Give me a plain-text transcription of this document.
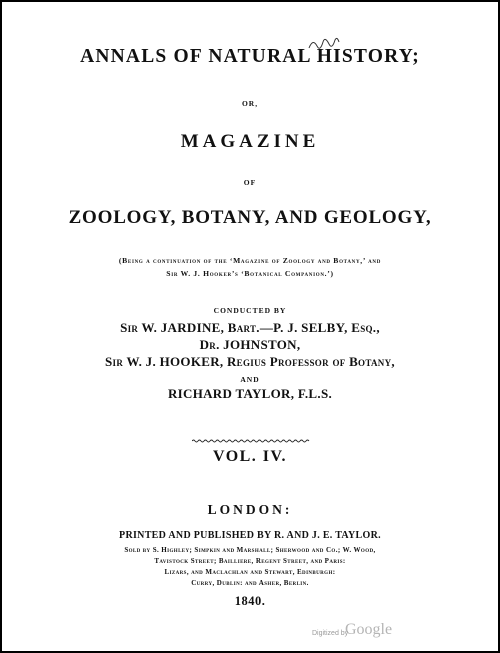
ANNALS OF NATURAL HISTORY;
OR,
MAGAZINE
OF
ZOOLOGY, BOTANY, AND GEOLOGY,
(Being a continuation of the ‘Magazine of Zoology and Botany,’ and
Sir W. J. Hooker’s ‘Botanical Companion.’)
CONDUCTED BY
Sir W. JARDINE, Bart.—P. J. SELBY, Esq.,
Dr. JOHNSTON,
Sir W. J. HOOKER, Regius Professor of Botany,
AND
RICHARD TAYLOR, F.L.S.
VOL. IV.
LONDON:
PRINTED AND PUBLISHED BY R. AND J. E. TAYLOR.
Sold by S. Highley; Simpkin and Marshall; Sherwood and Co.; W. Wood,
Tavistock Street; Bailliere, Regent Street, and Paris:
Lizars, and Maclachlan and Stewart, Edinburgh:
Curry, Dublin: and Asher, Berlin.
1840.
Digitized by
Google
